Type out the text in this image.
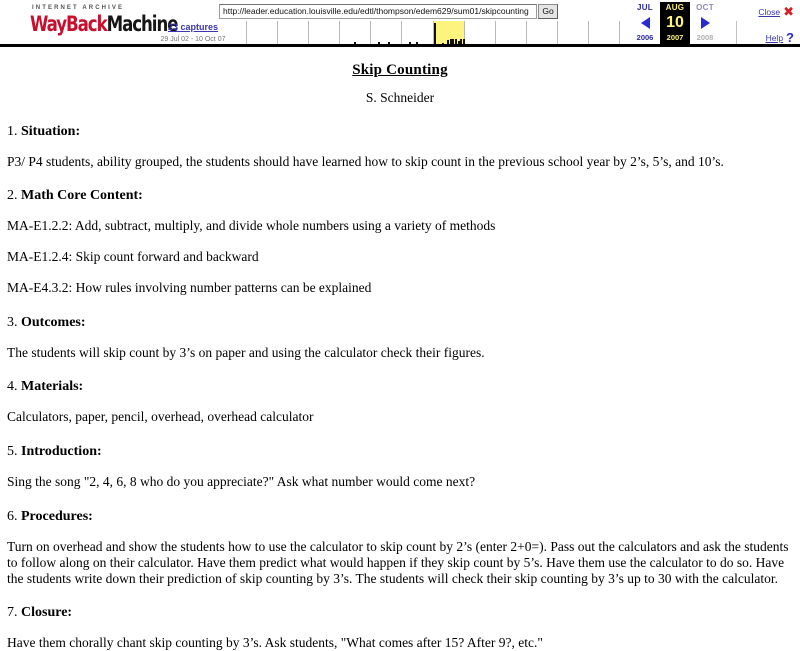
INTERNET ARCHIVE
WayBackMachine
23 captures
29 Jul 02 - 10 Oct 07
http://leader.education.louisville.edu/edtl/thompson/edem629/sum01/skipcounting	Go	JUL
2006
AUG
10
2007
OCT
2008
Close ✖
Help ?
Skip Counting
S. Schneider
1. Situation:

P3/ P4 students, ability grouped, the students should have learned how to skip count in the previous school year by 2’s, 5’s, and 10’s.

2. Math Core Content:

MA-E1.2.2: Add, subtract, multiply, and divide whole numbers using a variety of methods

MA-E1.2.4: Skip count forward and backward

MA-E4.3.2: How rules involving number patterns can be explained

3. Outcomes:

The students will skip count by 3’s on paper and using the calculator check their figures.

4. Materials:

Calculators, paper, pencil, overhead, overhead calculator

5. Introduction:

Sing the song "2, 4, 6, 8 who do you appreciate?" Ask what number would come next?

6. Procedures:

Turn on overhead and show the students how to use the calculator to skip count by 2’s (enter 2+0=). Pass out the calculators and ask the students to follow along on their calculator. Have them predict what would happen if they skip count by 5’s. Have them use the calculator to do so. Have the students write down their prediction of skip counting by 3’s. The students will check their skip counting by 3’s up to 30 with the calculator.

7. Closure:

Have them chorally chant skip counting by 3’s. Ask students, "What comes after 15? After 9?, etc."
